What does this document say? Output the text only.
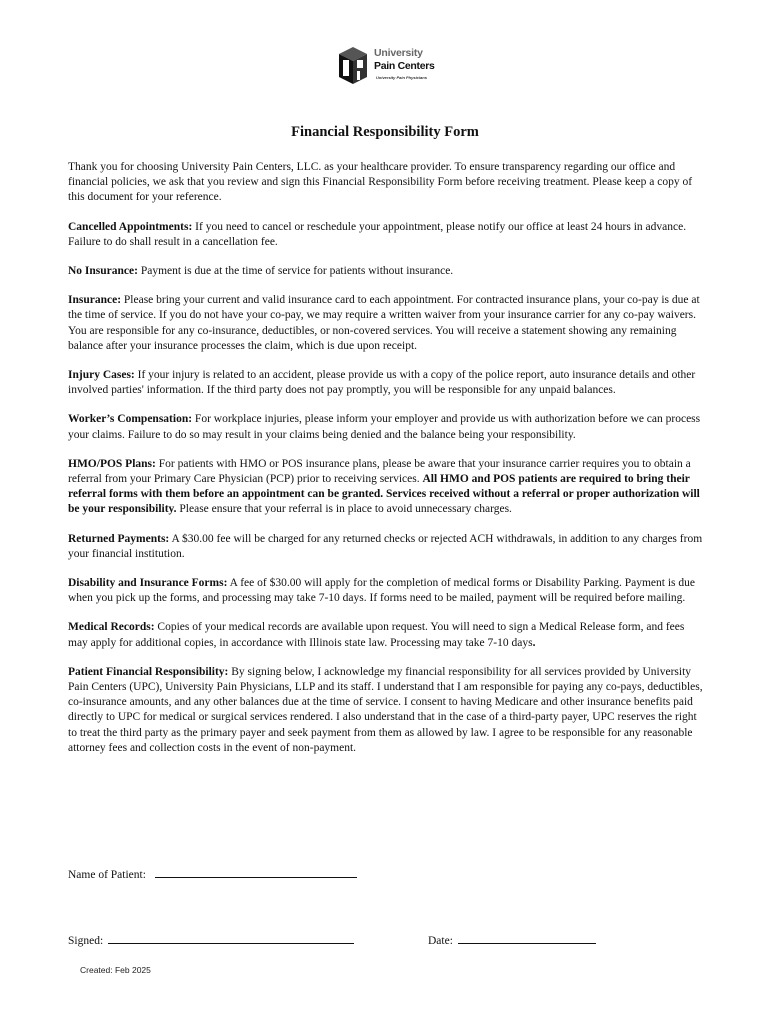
University
Pain Centers
University Pain Physicians
Financial Responsibility Form

Thank you for choosing University Pain Centers, LLC. as your healthcare provider. To ensure transparency regarding our office and financial policies, we ask that you review and sign this Financial Responsibility Form before receiving treatment. Please keep a copy of this document for your reference.

Cancelled Appointments: If you need to cancel or reschedule your appointment, please notify our office at least 24 hours in advance. Failure to do shall result in a cancellation fee.

No Insurance: Payment is due at the time of service for patients without insurance.

Insurance: Please bring your current and valid insurance card to each appointment. For contracted insurance plans, your co-pay is due at the time of service. If you do not have your co-pay, we may require a written waiver from your insurance carrier for any co-pay waivers. You are responsible for any co-insurance, deductibles, or non-covered services. You will receive a statement showing any remaining balance after your insurance processes the claim, which is due upon receipt.

Injury Cases: If your injury is related to an accident, please provide us with a copy of the police report, auto insurance details and other involved parties' information. If the third party does not pay promptly, you will be responsible for any unpaid balances.

Worker’s Compensation: For workplace injuries, please inform your employer and provide us with authorization before we can process your claims. Failure to do so may result in your claims being denied and the balance being your responsibility.

HMO/POS Plans: For patients with HMO or POS insurance plans, please be aware that your insurance carrier requires you to obtain a referral from your Primary Care Physician (PCP) prior to receiving services. All HMO and POS patients are required to bring their referral forms with them before an appointment can be granted. Services received without a referral or proper authorization will be your responsibility. Please ensure that your referral is in place to avoid unnecessary charges.

Returned Payments: A $30.00 fee will be charged for any returned checks or rejected ACH withdrawals, in addition to any charges from your financial institution.

Disability and Insurance Forms: A fee of $30.00 will apply for the completion of medical forms or Disability Parking. Payment is due when you pick up the forms, and processing may take 7-10 days. If forms need to be mailed, payment will be required before mailing.

Medical Records: Copies of your medical records are available upon request. You will need to sign a Medical Release form, and fees may apply for additional copies, in accordance with Illinois state law. Processing may take 7-10 days.

Patient Financial Responsibility: By signing below, I acknowledge my financial responsibility for all services provided by University Pain Centers (UPC), University Pain Physicians, LLP and its staff. I understand that I am responsible for paying any co-pays, deductibles, co-insurance amounts, and any other balances due at the time of service. I consent to having Medicare and other insurance benefits paid directly to UPC for medical or surgical services rendered. I also understand that in the case of a third-party payer, UPC reserves the right to treat the third party as the primary payer and seek payment from them as allowed by law. I agree to be responsible for any reasonable attorney fees and collection costs in the event of non-payment.

Name of Patient:
Signed:	Date:
Created: Feb 2025
